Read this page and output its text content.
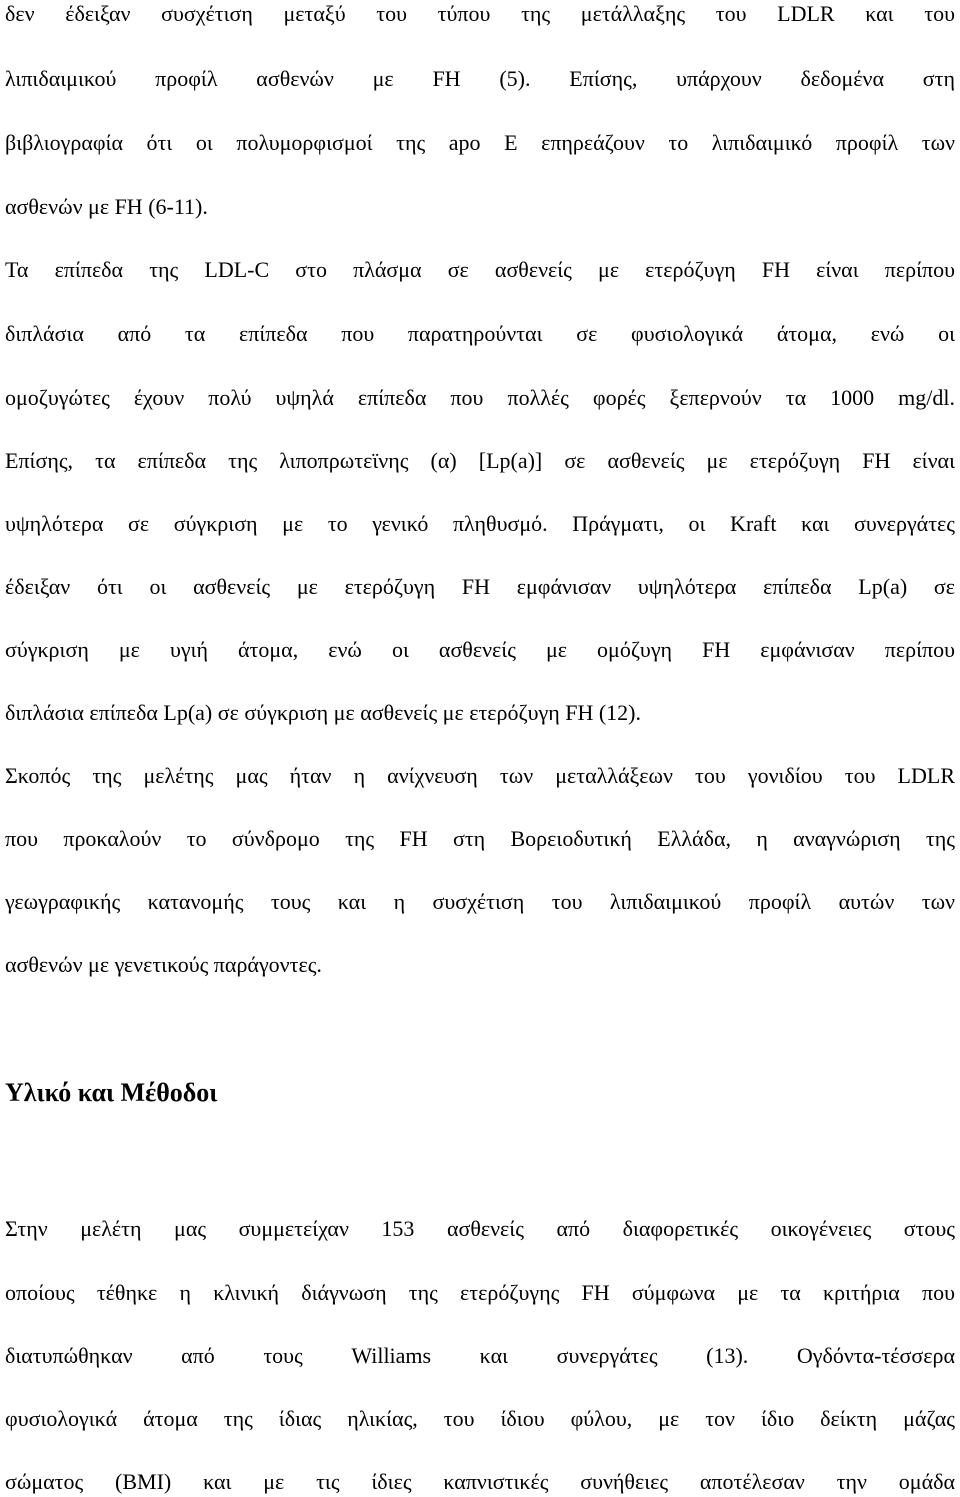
δεν έδειξαν συσχέτιση μεταξύ του τύπου της μετάλλαξης του LDLR και του
λιπιδαιμικού προφίλ ασθενών με FH (5). Επίσης, υπάρχουν δεδομένα στη
βιβλιογραφία ότι οι πολυμορφισμοί της apo E επηρεάζουν το λιπιδαιμικό προφίλ των
ασθενών με FH (6-11).
Τα επίπεδα της LDL-C στο πλάσμα σε ασθενείς με ετερόζυγη FH είναι περίπου
διπλάσια από τα επίπεδα που παρατηρούνται σε φυσιολογικά άτομα, ενώ οι
ομοζυγώτες έχουν πολύ υψηλά επίπεδα που πολλές φορές ξεπερνούν τα 1000 mg/dl.
Επίσης, τα επίπεδα της λιποπρωτεϊνης (α) [Lp(a)] σε ασθενείς με ετερόζυγη FH είναι
υψηλότερα σε σύγκριση με το γενικό πληθυσμό. Πράγματι, οι Kraft και συνεργάτες
έδειξαν ότι οι ασθενείς με ετερόζυγη FH εμφάνισαν υψηλότερα επίπεδα Lp(a) σε
σύγκριση με υγιή άτομα, ενώ οι ασθενείς με ομόζυγη FH εμφάνισαν περίπου
διπλάσια επίπεδα Lp(a) σε σύγκριση με ασθενείς με ετερόζυγη FH (12).
Σκοπός της μελέτης μας ήταν η ανίχνευση των μεταλλάξεων του γονιδίου του LDLR
που προκαλούν το σύνδρομο της FH στη Βορειοδυτική Ελλάδα, η αναγνώριση της
γεωγραφικής κατανομής τους και η συσχέτιση του λιπιδαιμικού προφίλ αυτών των
ασθενών με γενετικούς παράγοντες.
Υλικό και Μέθοδοι
Στην μελέτη μας συμμετείχαν 153 ασθενείς από διαφορετικές οικογένειες στους
οποίους τέθηκε η κλινική διάγνωση της ετερόζυγης FH σύμφωνα με τα κριτήρια που
διατυπώθηκαν από τους Williams και συνεργάτες (13). Ογδόντα-τέσσερα
φυσιολογικά άτομα της ίδιας ηλικίας, του ίδιου φύλου, με τον ίδιο δείκτη μάζας
σώματος (BMI) και με τις ίδιες καπνιστικές συνήθειες αποτέλεσαν την ομάδα
